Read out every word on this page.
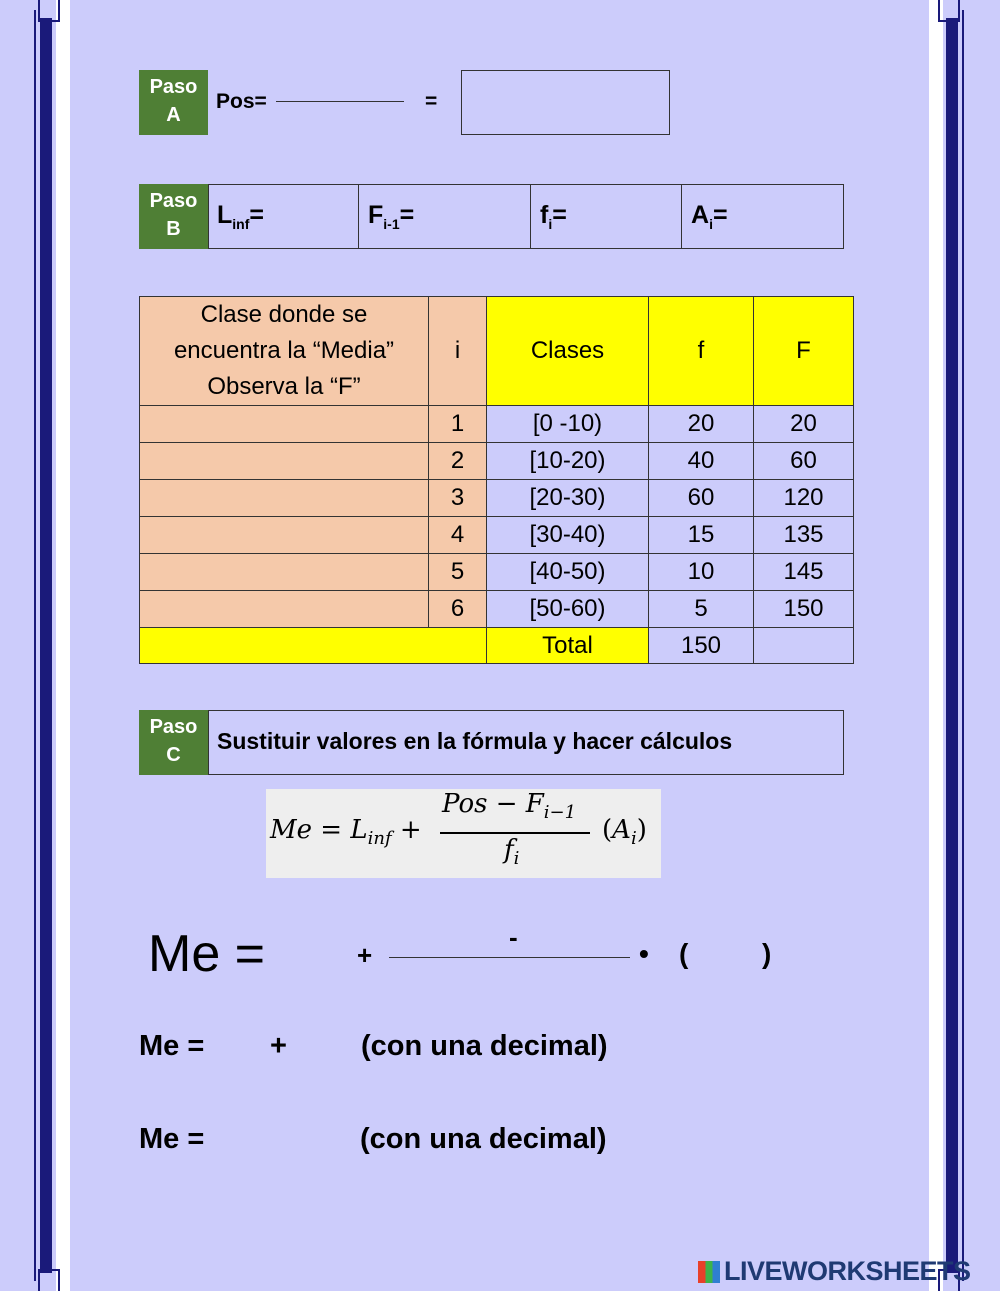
Paso
A
Pos=	=
Paso
B	$L_{inf}=$	$F_{i-1}=$	$f_i=$	$A_i=$
Clase donde se
encuentra la “Media”
Observa la “F”	i	Clases	f	F
	1	[0 -10)	20	20
	2	[10-20)	40	60
	3	[20-30)	60	120
	4	[30-40)	15	135
	5	[40-50)	10	145
	6	[50-60)	5	150
		Total	150	
Paso
C
Sustituir valores en la fórmula y hacer cálculos
$Me = L_{inf}$ +
Pos − $F_{i-1}$
$f_i$
$(A_i)$
Me =	+
-
• (	)
Me = +	(con una decimal)
Me =	(con una decimal)
LIVEWORKSHEETS
